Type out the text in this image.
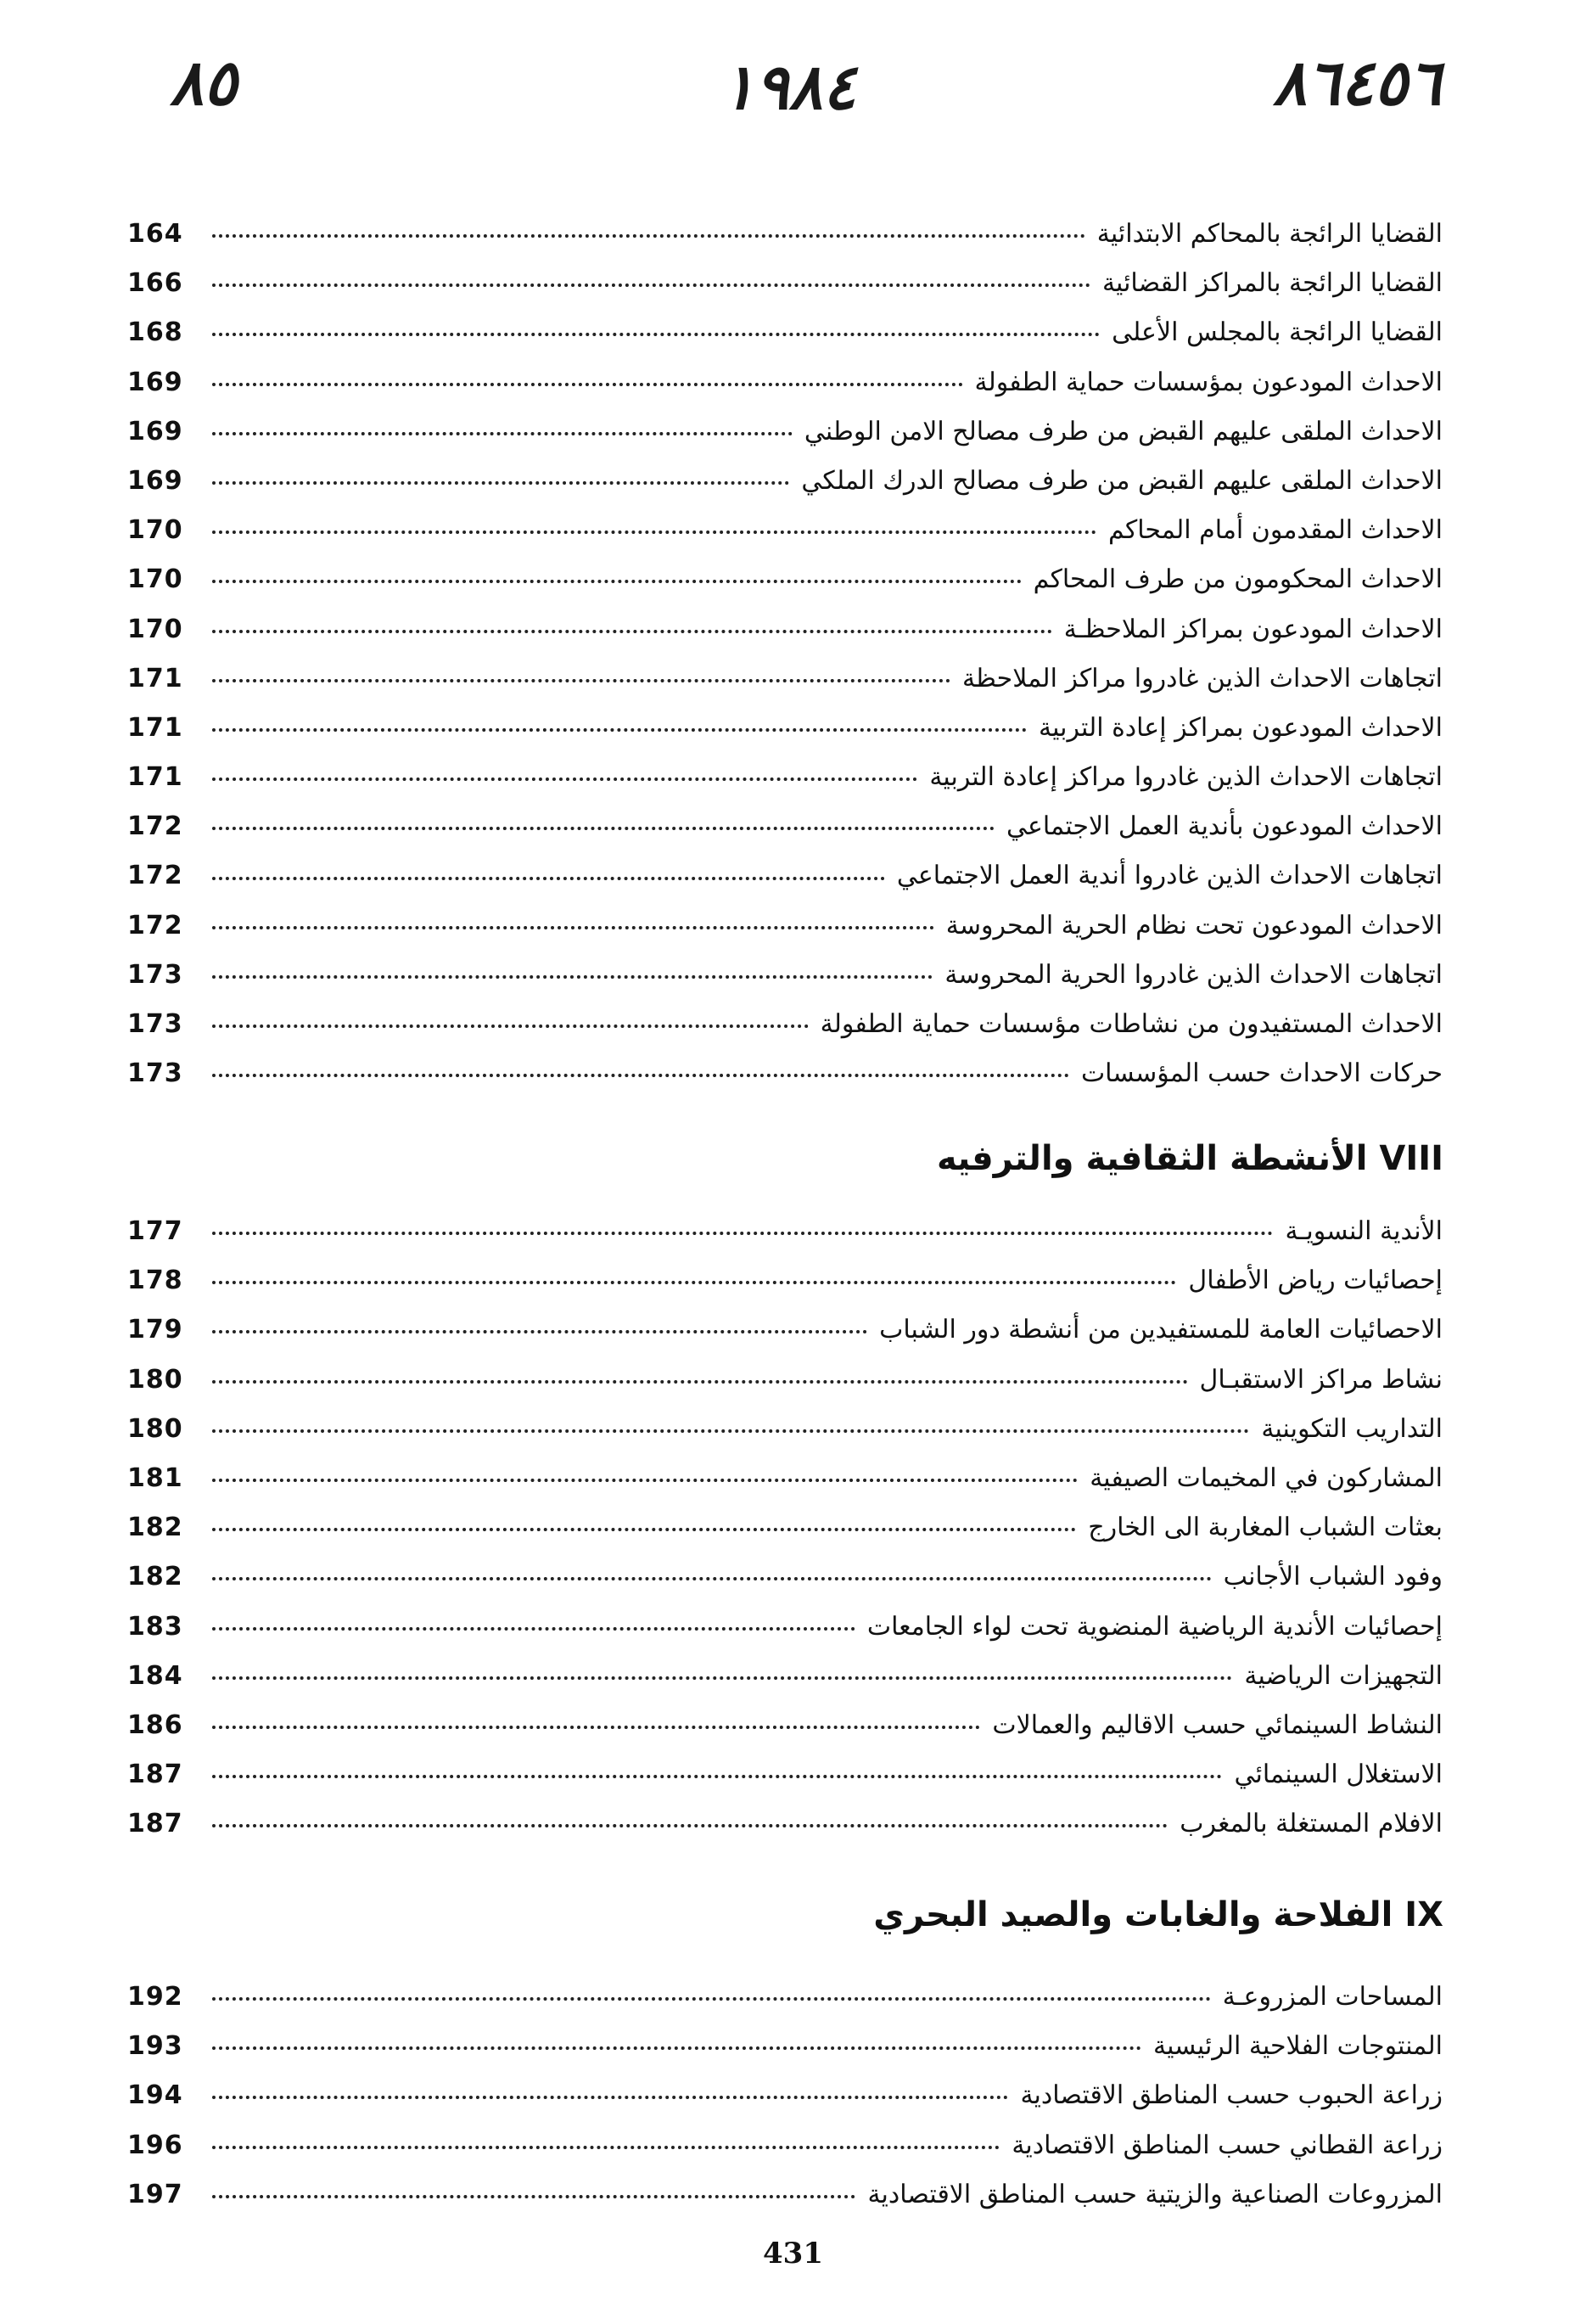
٨٥	١٩٨٤	٨٦٤٥٦
القضايا الرائجة بالمحاكم الابتدائية
164
القضايا الرائجة بالمراكز القضائية
166
القضايا الرائجة بالمجلس الأعلى
168
الاحداث المودعون بمؤسسات حماية الطفولة
169
الاحداث الملقى عليهم القبض من طرف مصالح الامن الوطني
169
الاحداث الملقى عليهم القبض من طرف مصالح الدرك الملكي
169
الاحداث المقدمون أمام المحاكم
170
الاحداث المحكومون من طرف المحاكم
170
الاحداث المودعون بمراكز الملاحظـة
170
اتجاهات الاحداث الذين غادروا مراكز الملاحظة
171
الاحداث المودعون بمراكز إعادة التربية
171
اتجاهات الاحداث الذين غادروا مراكز إعادة التربية
171
الاحداث المودعون بأندية العمل الاجتماعي
172
اتجاهات الاحداث الذين غادروا أندية العمل الاجتماعي
172
الاحداث المودعون تحت نظام الحرية المحروسة
172
اتجاهات الاحداث الذين غادروا الحرية المحروسة
173
الاحداث المستفيدون من نشاطات مؤسسات حماية الطفولة
173
حركات الاحداث حسب المؤسسات
173
VIII الأنشطة الثقافية والترفيه
الأندية النسويـة
177
إحصائيات رياض الأطفال
178
الاحصائيات العامة للمستفيدين من أنشطة دور الشباب
179
نشاط مراكز الاستقبـال
180
التداريب التكوينية
180
المشاركون في المخيمات الصيفية
181
بعثات الشباب المغاربة الى الخارج
182
وفود الشباب الأجانب
182
إحصائيات الأندية الرياضية المنضوية تحت لواء الجامعات
183
التجهيزات الرياضية
184
النشاط السينمائي حسب الاقاليم والعمالات
186
الاستغلال السينمائي
187
الافلام المستغلة بالمغرب
187
IX الفلاحة والغابات والصيد البحري
المساحات المزروعـة
192
المنتوجات الفلاحية الرئيسية
193
زراعة الحبوب حسب المناطق الاقتصادية
194
زراعة القطاني حسب المناطق الاقتصادية
196
المزروعات الصناعية والزيتية حسب المناطق الاقتصادية
197
431
